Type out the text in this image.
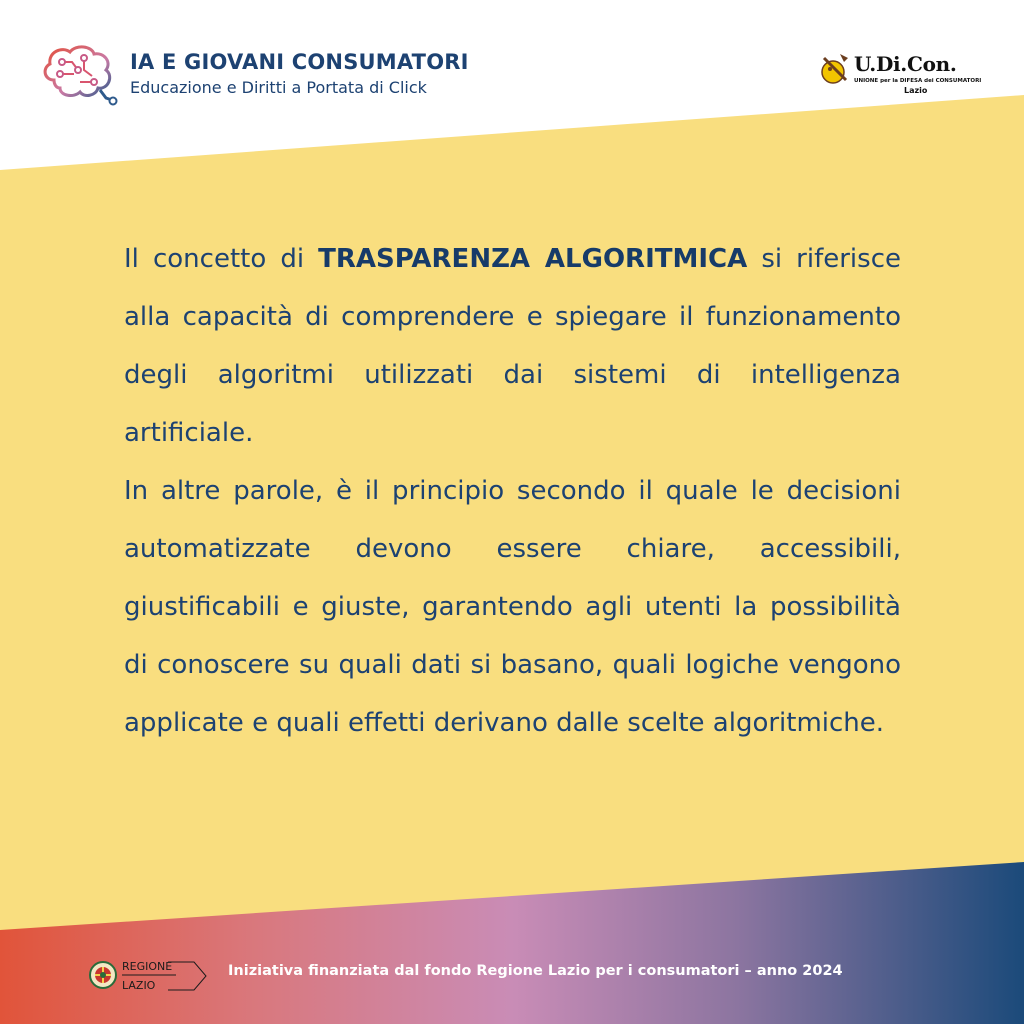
IA E GIOVANI CONSUMATORI
Educazione e Diritti a Portata di Click
U.Di.Con.
UNIONE per la DIFESA dei CONSUMATORI
Lazio

Il concetto di TRASPARENZA ALGORITMICA si riferisce alla capacità di comprendere e spiegare il funzionamento degli algoritmi utilizzati dai sistemi di intelligenza artificiale.

In altre parole, è il principio secondo il quale le decisioni automatizzate devono essere chiare, accessibili, giustificabili e giuste, garantendo agli utenti la possibilità di conoscere su quali dati si basano, quali logiche vengono applicate e quali effetti derivano dalle scelte algoritmiche.

REGIONE
LAZIO
Iniziativa finanziata dal fondo Regione Lazio per i consumatori – anno 2024
